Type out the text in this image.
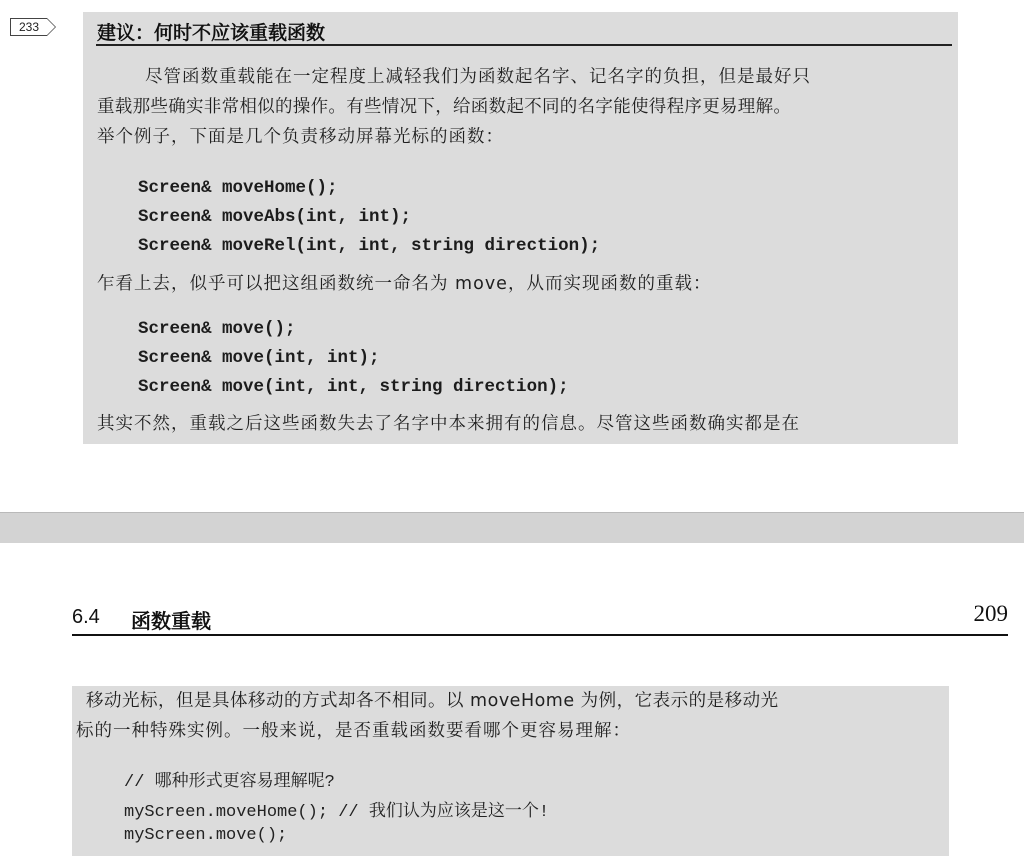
233	建议：何时不应该重载函数
尽管函数重载能在一定程度上减轻我们为函数起名字、记名字的负担，但是最好只
重载那些确实非常相似的操作。有些情况下，给函数起不同的名字能使得程序更易理解。
举个例子，下面是几个负责移动屏幕光标的函数：
Screen& moveHome();
Screen& moveAbs(int, int);
Screen& moveRel(int, int, string direction);
乍看上去，似乎可以把这组函数统一命名为 move，从而实现函数的重载：
Screen& move();
Screen& move(int, int);
Screen& move(int, int, string direction);
其实不然，重载之后这些函数失去了名字中本来拥有的信息。尽管这些函数确实都是在
6.4 函数重载	209
移动光标，但是具体移动的方式却各不相同。以 moveHome 为例，它表示的是移动光
标的一种特殊实例。一般来说，是否重载函数要看哪个更容易理解：
// 哪种形式更容易理解呢?
myScreen.moveHome(); // 我们认为应该是这一个!
myScreen.move();
